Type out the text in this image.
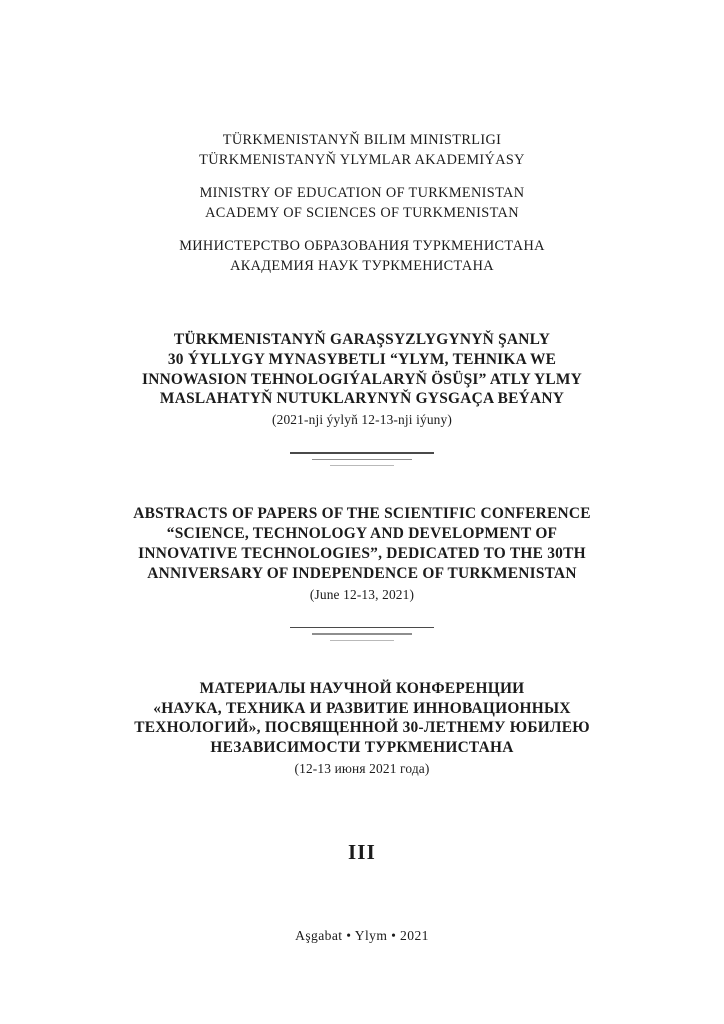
TÜRKMENISTANYŇ BILIM MINISTRLIGI
TÜRKMENISTANYŇ YLYMLAR AKADEMIÝASY
MINISTRY OF EDUCATION OF TURKMENISTAN
ACADEMY OF SCIENCES OF TURKMENISTAN
МИНИСТЕРСТВО ОБРАЗОВАНИЯ ТУРКМЕНИСТАНА
АКАДЕМИЯ НАУК ТУРКМЕНИСТАНА
TÜRKMENISTANYŇ GARAŞSYZLYGYNYŇ ŞANLY
30 ÝYLLYGY MYNASYBETLI “YLYM, TEHNIKA WE
INNOWASION TEHNOLOGIÝALARYŇ ÖSÜŞI” ATLY YLMY
MASLAHATYŇ NUTUKLARYNYŇ GYSGAÇA BEÝANY
(2021-nji ýylyň 12-13-nji iýuny)
ABSTRACTS OF PAPERS OF THE SCIENTIFIC CONFERENCE
“SCIENCE, TECHNOLOGY AND DEVELOPMENT OF
INNOVATIVE TECHNOLOGIES”, DEDICATED TO THE 30TH
ANNIVERSARY OF INDEPENDENCE OF TURKMENISTAN
(June 12-13, 2021)
МАТЕРИАЛЫ НАУЧНОЙ КОНФЕРЕНЦИИ
«НАУКА, ТЕХНИКА И РАЗВИТИЕ ИННОВАЦИОННЫХ
ТЕХНОЛОГИЙ», ПОСВЯЩЕННОЙ 30-ЛЕТНЕМУ ЮБИЛЕЮ
НЕЗАВИСИМОСТИ ТУРКМЕНИСТАНА
(12-13 июня 2021 года)
III
Aşgabat • Ylym • 2021
